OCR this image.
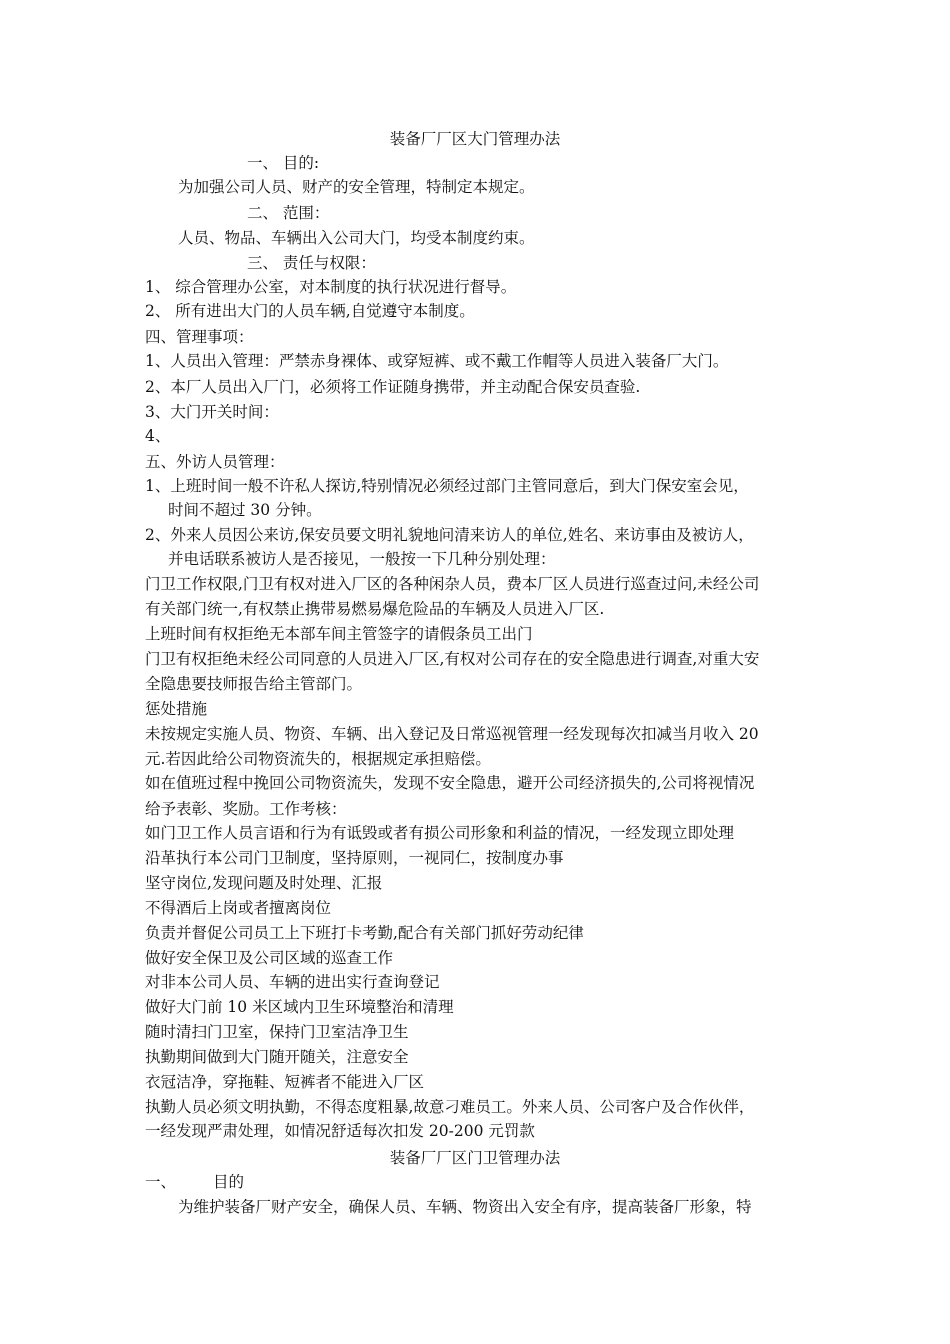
装备厂厂区大门管理办法
一、 目的:
为加强公司人员、财产的安全管理，特制定本规定。
二、 范围：
人员、物品、车辆出入公司大门，均受本制度约束。
三、 责任与权限：
1、 综合管理办公室，对本制度的执行状况进行督导。
2、 所有进出大门的人员车辆,自觉遵守本制度。
四、管理事项：
1、人员出入管理：严禁赤身裸体、或穿短裤、或不戴工作帽等人员进入装备厂大门。
2、本厂人员出入厂门，必须将工作证随身携带，并主动配合保安员查验.
3、大门开关时间：
4、
五、外访人员管理：
1、上班时间一般不许私人探访,特别情况必须经过部门主管同意后，到大门保安室会见，
时间不超过 30 分钟。
2、外来人员因公来访,保安员要文明礼貌地问清来访人的单位,姓名、来访事由及被访人，
并电话联系被访人是否接见，一般按一下几种分别处理：
门卫工作权限,门卫有权对进入厂区的各种闲杂人员，费本厂区人员进行巡查过问,未经公司
有关部门统一,有权禁止携带易燃易爆危险品的车辆及人员进入厂区.
上班时间有权拒绝无本部车间主管签字的请假条员工出门
门卫有权拒绝未经公司同意的人员进入厂区,有权对公司存在的安全隐患进行调查,对重大安
全隐患要技师报告给主管部门。
惩处措施
未按规定实施人员、物资、车辆、出入登记及日常巡视管理一经发现每次扣减当月收入 20
元.若因此给公司物资流失的，根据规定承担赔偿。
如在值班过程中挽回公司物资流失，发现不安全隐患，避开公司经济损失的,公司将视情况
给予表彰、奖励。工作考核：
如门卫工作人员言语和行为有诋毁或者有损公司形象和利益的情况，一经发现立即处理
沿革执行本公司门卫制度，坚持原则，一视同仁，按制度办事
坚守岗位,发现问题及时处理、汇报
不得酒后上岗或者擅离岗位
负责并督促公司员工上下班打卡考勤,配合有关部门抓好劳动纪律
做好安全保卫及公司区域的巡查工作
对非本公司人员、车辆的进出实行查询登记
做好大门前 10 米区域内卫生环境整治和清理
随时清扫门卫室，保持门卫室洁净卫生
执勤期间做到大门随开随关，注意安全
衣冠洁净，穿拖鞋、短裤者不能进入厂区
执勤人员必须文明执勤，不得态度粗暴,故意刁难员工。外来人员、公司客户及合作伙伴，
一经发现严肃处理，如情况舒适每次扣发 20-200 元罚款
装备厂厂区门卫管理办法
一、 目的
为维护装备厂财产安全，确保人员、车辆、物资出入安全有序，提高装备厂形象，特
